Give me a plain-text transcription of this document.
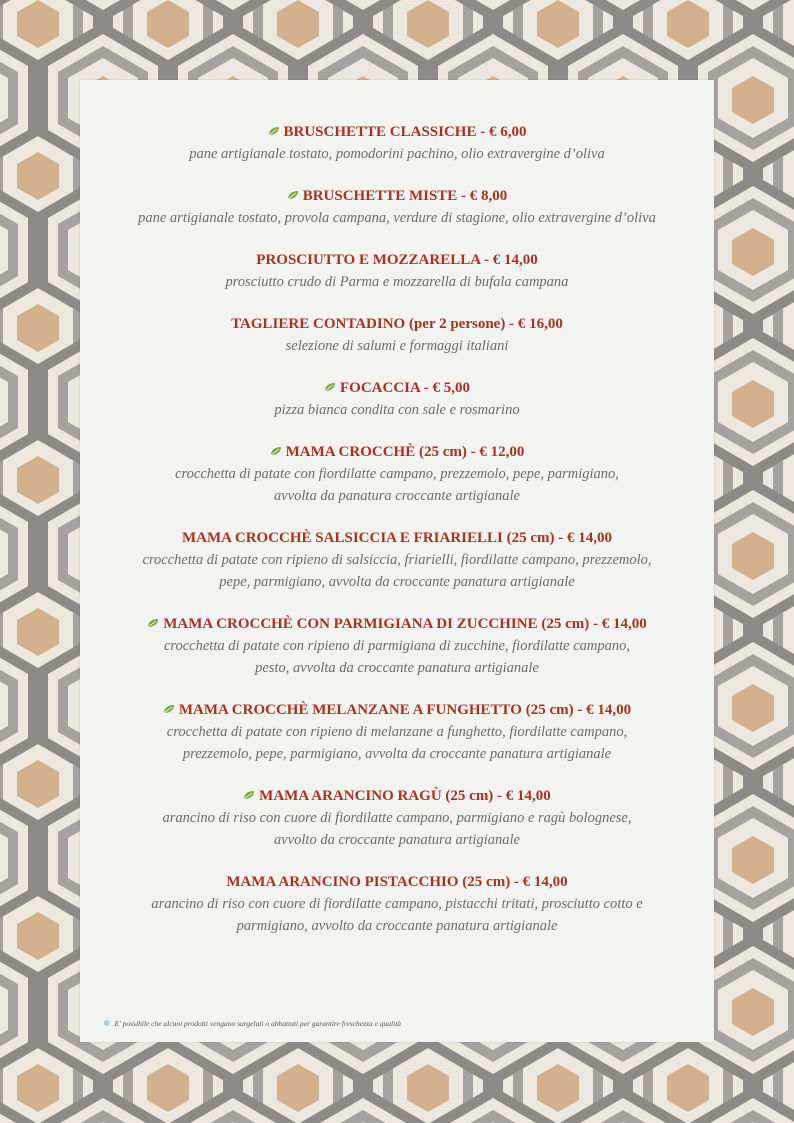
BRUSCHETTE CLASSICHE - € 6,00
pane artigianale tostato, pomodorini pachino, olio extravergine d’oliva
BRUSCHETTE MISTE - € 8,00
pane artigianale tostato, provola campana, verdure di stagione, olio extravergine d’oliva
PROSCIUTTO E MOZZARELLA - € 14,00
prosciutto crudo di Parma e mozzarella di bufala campana
TAGLIERE CONTADINO (per 2 persone) - € 16,00
selezione di salumi e formaggi italiani
FOCACCIA - € 5,00
pizza bianca condita con sale e rosmarino
MAMA CROCCHÈ (25 cm) - € 12,00
crocchetta di patate con fiordilatte campano, prezzemolo, pepe, parmigiano,
avvolta da panatura croccante artigianale
MAMA CROCCHÈ SALSICCIA E FRIARIELLI (25 cm) - € 14,00
crocchetta di patate con ripieno di salsiccia, friarielli, fiordilatte campano, prezzemolo,
pepe, parmigiano, avvolta da croccante panatura artigianale
MAMA CROCCHÈ CON PARMIGIANA DI ZUCCHINE (25 cm) - € 14,00
crocchetta di patate con ripieno di parmigiana di zucchine, fiordilatte campano,
pesto, avvolta da croccante panatura artigianale
MAMA CROCCHÈ MELANZANE A FUNGHETTO (25 cm) - € 14,00
crocchetta di patate con ripieno di melanzane a funghetto, fiordilatte campano,
prezzemolo, pepe, parmigiano, avvolta da croccante panatura artigianale
MAMA ARANCINO RAGÙ (25 cm) - € 14,00
arancino di riso con cuore di fiordilatte campano, parmigiano e ragù bolognese,
avvolto da croccante panatura artigianale
MAMA ARANCINO PISTACCHIO (25 cm) - € 14,00
arancino di riso con cuore di fiordilatte campano, pistacchi tritati, prosciutto cotto e
parmigiano, avvolto da croccante panatura artigianale
❄ E' possibile che alcuni prodotti vengano surgelati o abbattuti per garantire freschezza e qualità
